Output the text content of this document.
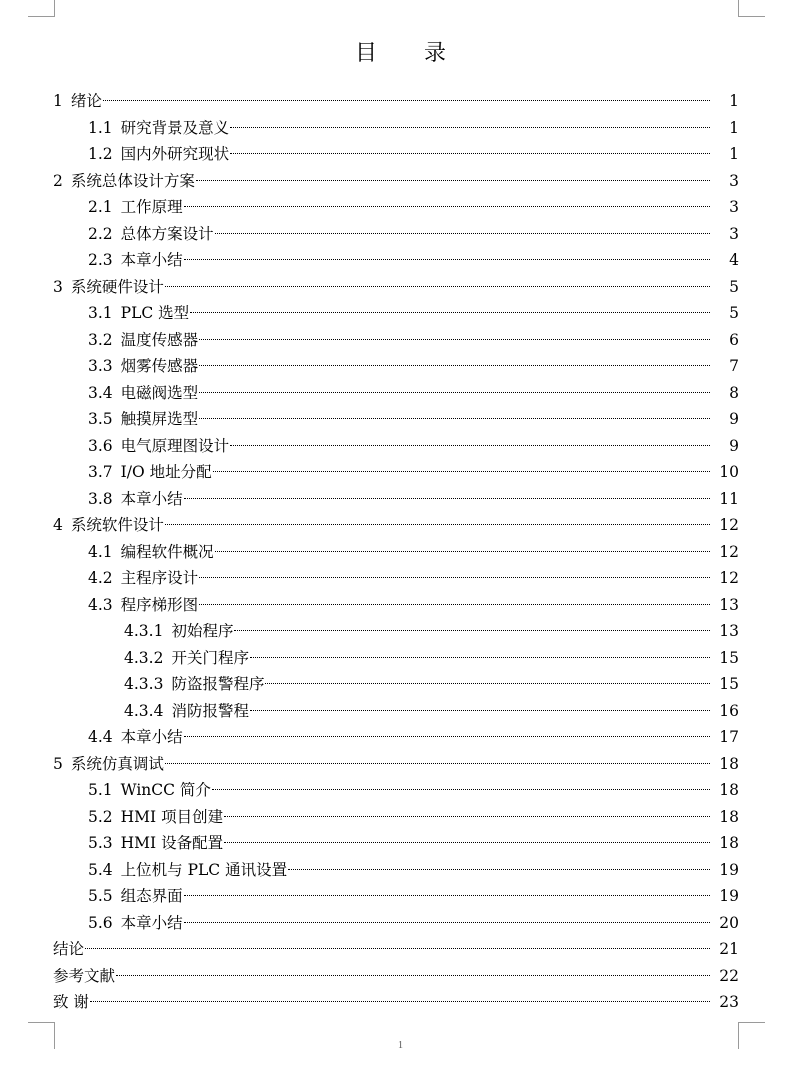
目 录
1 绪论	1
1.1 研究背景及意义	1
1.2 国内外研究现状	1
2 系统总体设计方案	3
2.1 工作原理	3
2.2 总体方案设计	3
2.3 本章小结	4
3 系统硬件设计	5
3.1 PLC 选型	5
3.2 温度传感器	6
3.3 烟雾传感器	7
3.4 电磁阀选型	8
3.5 触摸屏选型	9
3.6 电气原理图设计	9
3.7 I/O 地址分配	10
3.8 本章小结	11
4 系统软件设计	12
4.1 编程软件概况	12
4.2 主程序设计	12
4.3 程序梯形图	13
4.3.1 初始程序	13
4.3.2 开关门程序	15
4.3.3 防盗报警程序	15
4.3.4 消防报警程	16
4.4 本章小结	17
5 系统仿真调试	18
5.1 WinCC 简介	18
5.2 HMI 项目创建	18
5.3 HMI 设备配置	18
5.4 上位机与 PLC 通讯设置	19
5.5 组态界面	19
5.6 本章小结	20
结论	21
参考文献	22
致 谢	23
1
